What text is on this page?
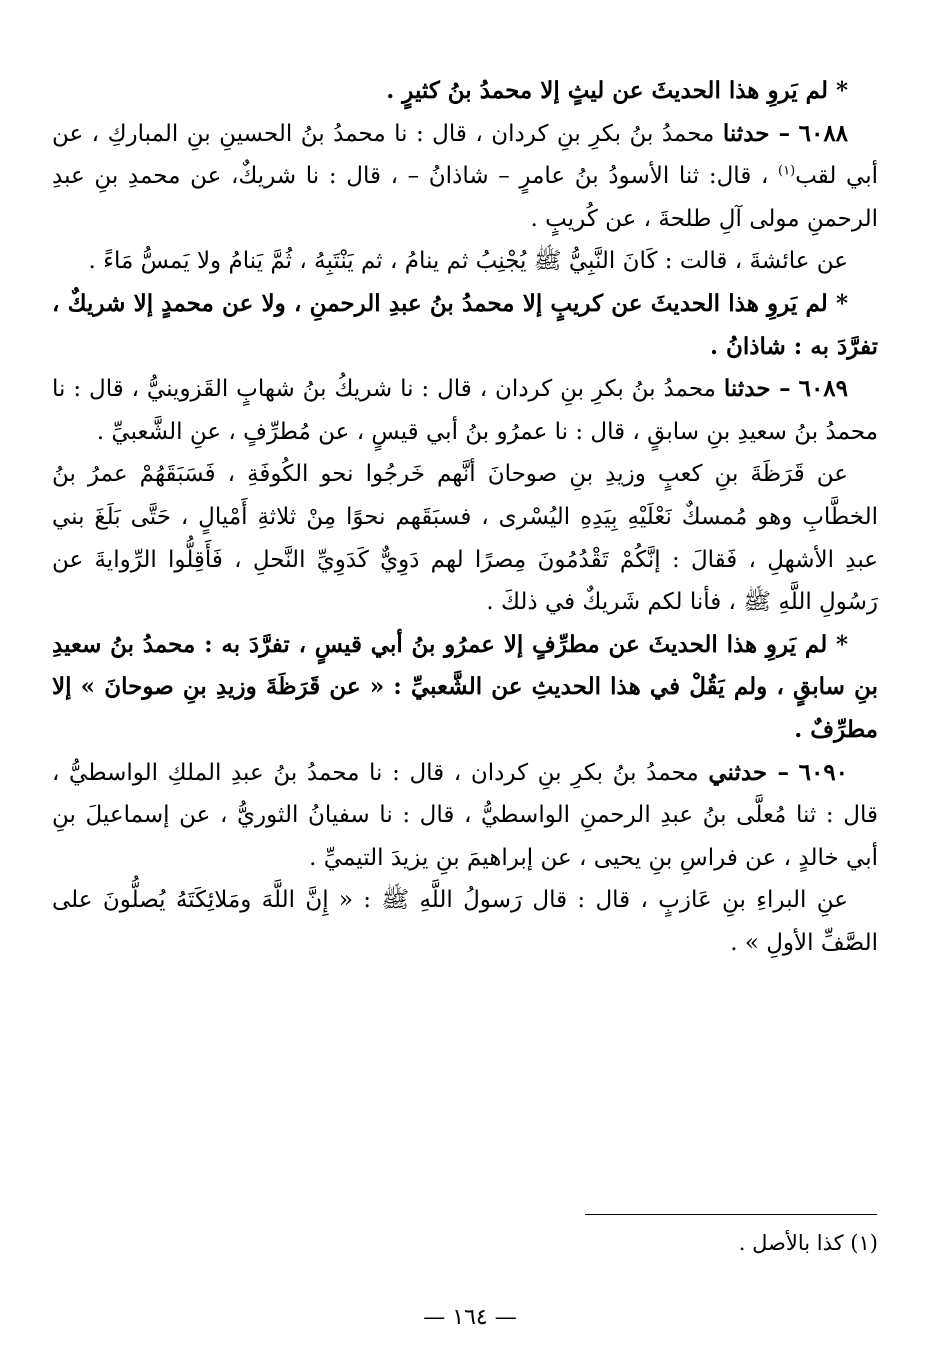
* لم يَروِ هذا الحديثَ عن ليثٍ إلا محمدُ بنُ كثيرٍ .

٦٠٨٨ – حدثنا محمدُ بنُ بكرِ بنِ كردان ، قال : نا محمدُ بنُ الحسينِ بنِ المباركِ ، عن أبي لقب$^{(١)}$ ، قال: ثنا الأسودُ بنُ عامرٍ – شاذانُ – ، قال : نا شريكٌ، عن محمدِ بنِ عبدِ الرحمنِ مولى آلِ طلحةَ ، عن كُريبٍ .

عن عائشةَ ، قالت : كَانَ النَّبِيُّ ﷺ يُجْنِبُ ثم ينامُ ، ثم يَنْتَبِهُ ، ثُمَّ يَنامُ ولا يَمسُّ مَاءً .

* لم يَروِ هذا الحديثَ عن كريبٍ إلا محمدُ بنُ عبدِ الرحمنِ ، ولا عن محمدٍ إلا شريكٌ ، تفرَّدَ به : شاذانُ .

٦٠٨٩ – حدثنا محمدُ بنُ بكرِ بنِ كردان ، قال : نا شريكُ بنُ شهابٍ القَزوينيُّ ، قال : نا محمدُ بنُ سعيدِ بنِ سابقٍ ، قال : نا عمرُو بنُ أبي قيسٍ ، عن مُطرِّفٍ ، عنِ الشَّعبيِّ .

عن قَرَظَةَ بنِ كعبٍ وزيدِ بنِ صوحانَ أنَّهم خَرجُوا نحو الكُوفَةِ ، فَسَبَقَهُمْ عمرُ بنُ الخطَّابِ وهو مُمسكٌ نَعْلَيْهِ بِيَدِهِ اليُسْرى ، فسبَقَهم نحوًا مِنْ ثلاثةِ أَمْيالٍ ، حَتَّى بَلَغَ بني عبدِ الأشهلِ ، فَقالَ : إنَّكُمْ تَقْدُمُونَ مِصرًا لهم دَوِيٌّ كَدَوِيِّ النَّحلِ ، فَأَقِلُّوا الرِّوايةَ عن رَسُولِ اللَّهِ ﷺ ، فأنا لكم شَريكٌ في ذلكَ .

* لم يَروِ هذا الحديثَ عن مطرِّفٍ إلا عمرُو بنُ أبي قيسٍ ، تفرَّدَ به : محمدُ بنُ سعيدِ بنِ سابقٍ ، ولم يَقُلْ في هذا الحديثِ عن الشَّعبيِّ : « عن قَرَظَةَ وزيدِ بنِ صوحانَ » إلا مطرِّفٌ .

٦٠٩٠ – حدثني محمدُ بنُ بكرِ بنِ كردان ، قال : نا محمدُ بنُ عبدِ الملكِ الواسطيُّ ، قال : ثنا مُعلَّى بنُ عبدِ الرحمنِ الواسطيُّ ، قال : نا سفيانُ الثوريُّ ، عن إسماعيلَ بنِ أبي خالدٍ ، عن فراسِ بنِ يحيى ، عن إبراهيمَ بنِ يزيدَ التيميِّ .

عنِ البراءِ بنِ عَازبٍ ، قال : قال رَسولُ اللَّهِ ﷺ : « إِنَّ اللَّهَ ومَلائِكَتَهُ يُصلُّونَ على الصَّفِّ الأولِ » .

(١) كذا بالأصل .
— ١٦٤ —
